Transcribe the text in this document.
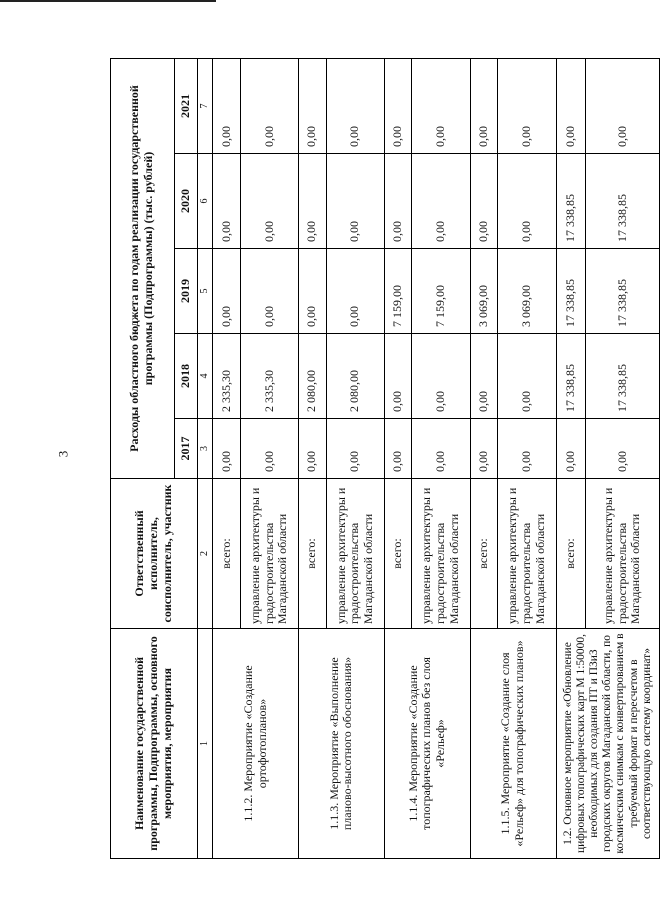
3
Наименование государственной программы, Подпрограммы, основного мероприятия, мероприятия	Ответственный исполнитель, соисполнитель, участник	Расходы областного бюджета по годам реализации государственной программы (Подпрограммы) (тыс. рублей)				
		2017	2018	2019	2020	2021
1	2	3	4	5	6	7
1.1.2. Мероприятие «Создание ортофотопланов»	всего:	0,00	2 335,30	0,00	0,00	0,00
	управление архитектуры и градостроительства Магаданской области	0,00	2 335,30	0,00	0,00	0,00
1.1.3. Мероприятие «Выполнение планово-высотного обоснования»	всего:	0,00	2 080,00	0,00	0,00	0,00
	управление архитектуры и градостроительства Магаданской области	0,00	2 080,00	0,00	0,00	0,00
1.1.4. Мероприятие «Создание топографических планов без слоя «Рельеф»	всего:	0,00	0,00	7 159,00	0,00	0,00
	управление архитектуры и градостроительства Магаданской области	0,00	0,00	7 159,00	0,00	0,00
1.1.5. Мероприятие «Создание слоя «Рельеф» для топографических планов»	всего:	0,00	0,00	3 069,00	0,00	0,00
	управление архитектуры и градостроительства Магаданской области	0,00	0,00	3 069,00	0,00	0,00
1.2. Основное мероприятие «Обновление цифровых топографических карт М 1:50000, необходимых для создания ПТ и ПЗиЗ городских округов Магаданской области, по космическим снимкам с конвертированием в требуемый формат и пересчетом в соответствующую систему координат»	всего:	0,00	17 338,85	17 338,85	17 338,85	0,00
	управление архитектуры и градостроительства Магаданской области	0,00	17 338,85	17 338,85	17 338,85	0,00
